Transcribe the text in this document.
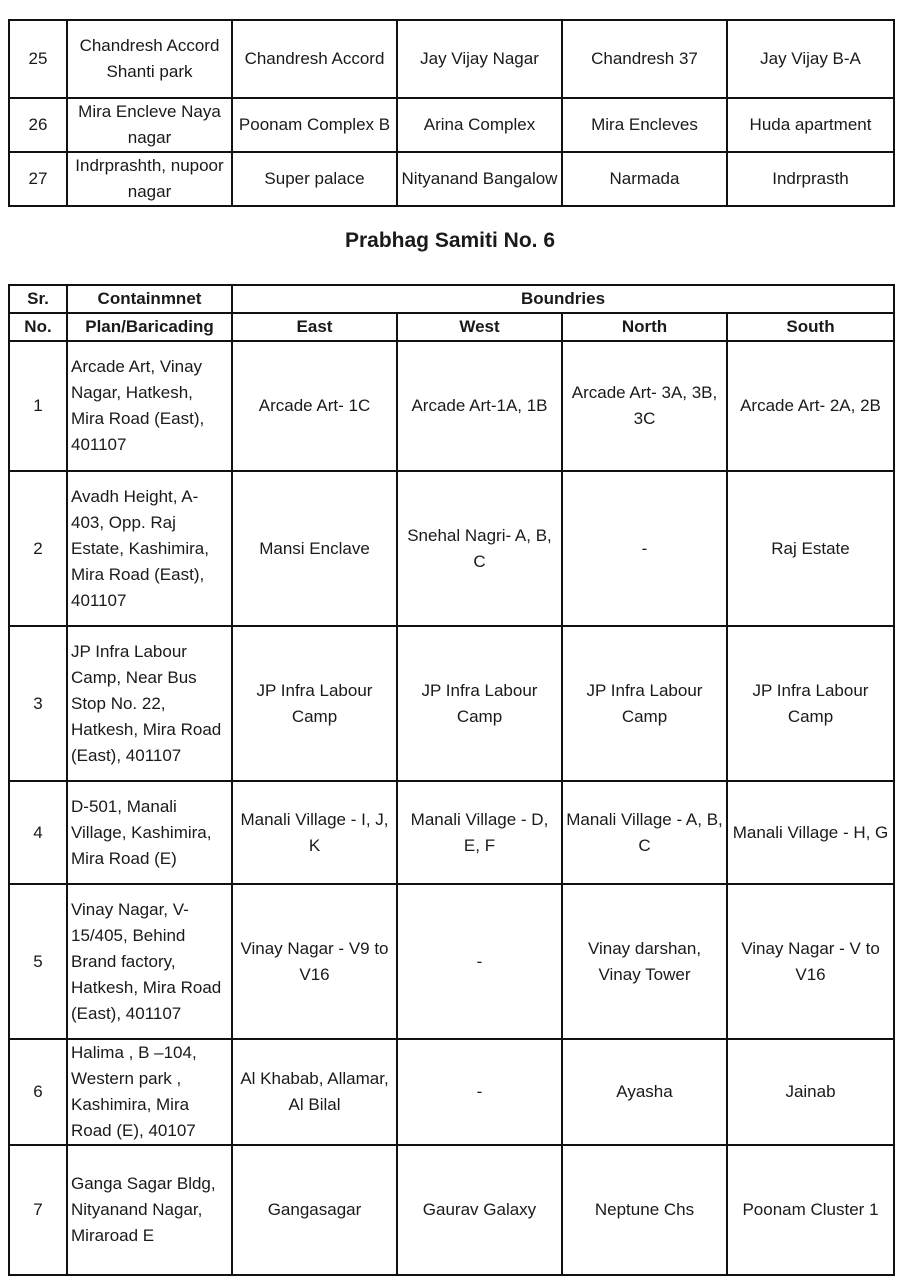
25	Chandresh Accord Shanti park	Chandresh Accord	Jay Vijay Nagar	Chandresh 37	Jay Vijay B-A
26	Mira Encleve Naya nagar	Poonam Complex B	Arina Complex	Mira Encleves	Huda apartment
27	Indrprashth, nupoor nagar	Super palace	Nityanand Bangalow	Narmada	Indrprasth
Prabhag Samiti No. 6
Sr.	Containmnet	Boundries			
No.	Plan/Baricading	East	West	North	South
1	Arcade Art, Vinay Nagar, Hatkesh, Mira Road (East), 401107	Arcade Art- 1C	Arcade Art-1A, 1B	Arcade Art- 3A, 3B, 3C	Arcade Art- 2A, 2B
2	Avadh Height, A-403, Opp. Raj Estate, Kashimira, Mira Road (East), 401107	Mansi Enclave	Snehal Nagri- A, B, C	-	Raj Estate
3	JP Infra Labour Camp, Near Bus Stop No. 22, Hatkesh, Mira Road (East), 401107	JP Infra Labour Camp	JP Infra Labour Camp	JP Infra Labour Camp	JP Infra Labour Camp
4	D-501, Manali Village, Kashimira, Mira Road (E)	Manali Village - I, J, K	Manali Village - D, E, F	Manali Village - A, B, C	Manali Village - H, G
5	Vinay Nagar, V-15/405, Behind Brand factory, Hatkesh, Mira Road (East), 401107	Vinay Nagar - V9 to V16	-	Vinay darshan, Vinay Tower	Vinay Nagar - V to V16
6	Halima , B –104, Western park , Kashimira, Mira Road (E), 40107	Al Khabab, Allamar, Al Bilal	-	Ayasha	Jainab
7	Ganga Sagar Bldg, Nityanand Nagar, Miraroad E	Gangasagar	Gaurav Galaxy	Neptune Chs	Poonam Cluster 1
